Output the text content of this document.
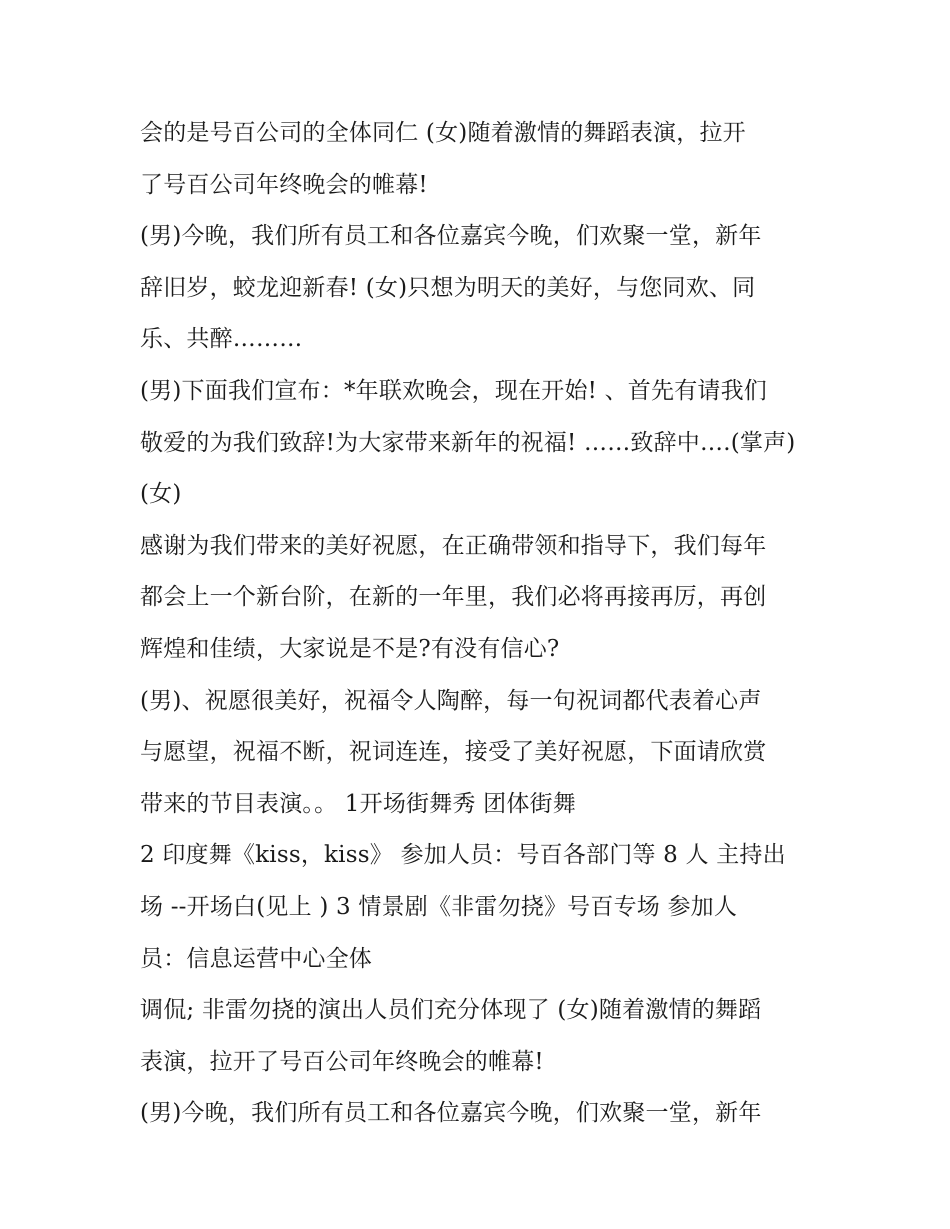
会的是号百公司的全体同仁 (女)随着激情的舞蹈表演，拉开
了号百公司年终晚会的帷幕!
(男)今晚，我们所有员工和各位嘉宾今晚，们欢聚一堂，新年
辞旧岁，蛟龙迎新春! (女)只想为明天的美好，与您同欢、同
乐、共醉………
(男)下面我们宣布：*年联欢晚会，现在开始! 、首先有请我们
敬爱的为我们致辞!为大家带来新年的祝福! ……致辞中….(掌声)
(女)
感谢为我们带来的美好祝愿，在正确带领和指导下，我们每年
都会上一个新台阶，在新的一年里，我们必将再接再厉，再创
辉煌和佳绩，大家说是不是?有没有信心?
(男)、祝愿很美好，祝福令人陶醉，每一句祝词都代表着心声
与愿望，祝福不断，祝词连连，接受了美好祝愿，下面请欣赏
带来的节目表演。。 1开场街舞秀 团体街舞
2 印度舞《kiss，kiss》 参加人员：号百各部门等 8 人 主持出
场 --开场白(见上 ) 3 情景剧《非雷勿挠》号百专场 参加人
员：信息运营中心全体
调侃; 非雷勿挠的演出人员们充分体现了 (女)随着激情的舞蹈
表演，拉开了号百公司年终晚会的帷幕!
(男)今晚，我们所有员工和各位嘉宾今晚，们欢聚一堂，新年
